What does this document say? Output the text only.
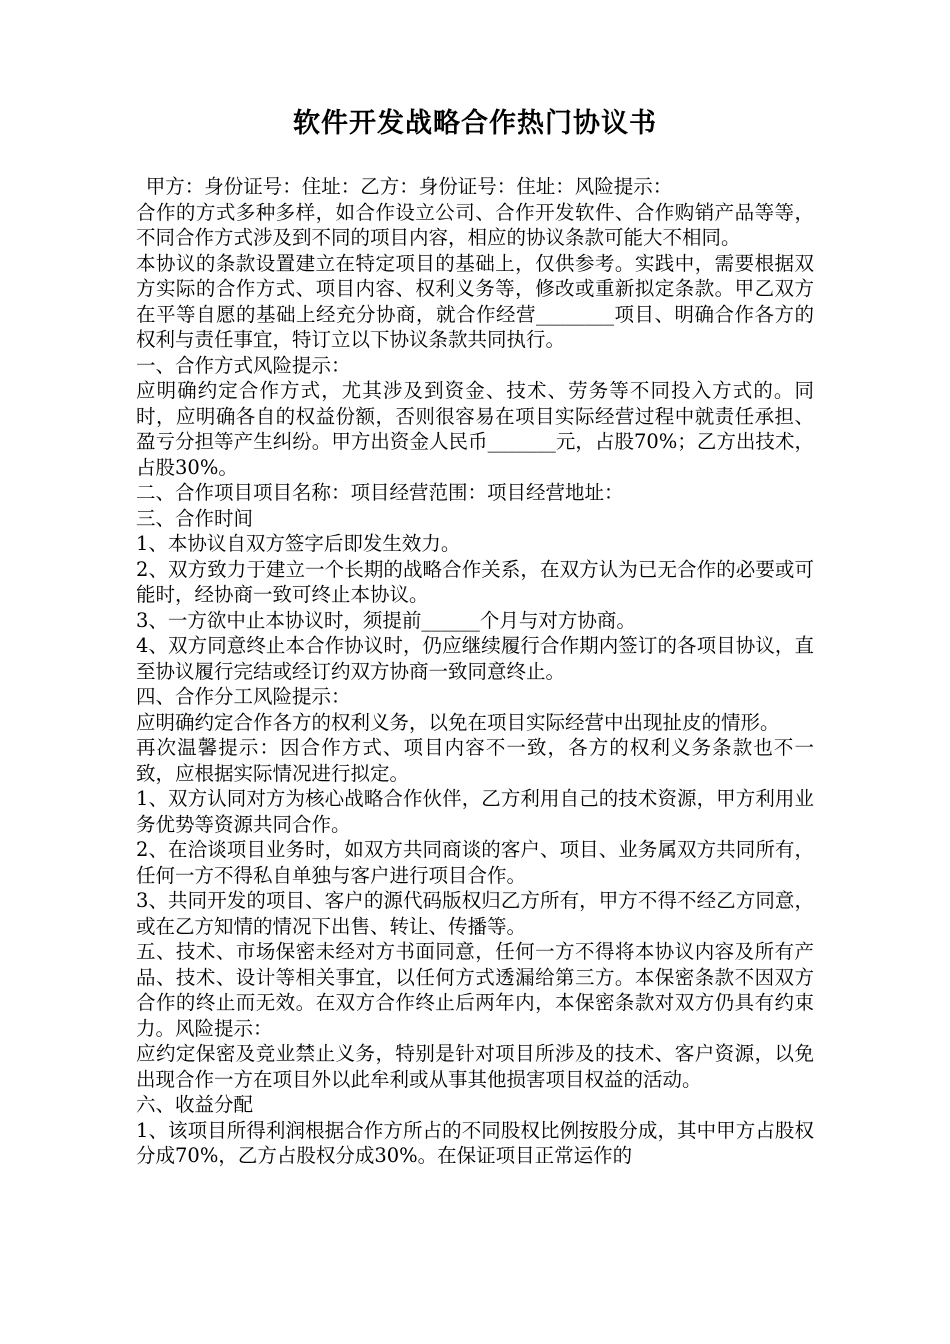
软件开发战略合作热门协议书

甲方：身份证号：住址：乙方：身份证号：住址：风险提示：

合作的方式多种多样，如合作设立公司、合作开发软件、合作购销产品等等，不同合作方式涉及到不同的项目内容，相应的协议条款可能大不相同。

本协议的条款设置建立在特定项目的基础上，仅供参考。实践中，需要根据双方实际的合作方式、项目内容、权利义务等，修改或重新拟定条款。甲乙双方在平等自愿的基础上经充分协商，就合作经营________项目、明确合作各方的权利与责任事宜，特订立以下协议条款共同执行。

一、合作方式风险提示：

应明确约定合作方式，尤其涉及到资金、技术、劳务等不同投入方式的。同时，应明确各自的权益份额，否则很容易在项目实际经营过程中就责任承担、盈亏分担等产生纠纷。甲方出资金人民币_______元，占股70%；乙方出技术，占股30%。

二、合作项目项目名称：项目经营范围：项目经营地址：

三、合作时间

1、本协议自双方签字后即发生效力。

2、双方致力于建立一个长期的战略合作关系，在双方认为已无合作的必要或可能时，经协商一致可终止本协议。

3、一方欲中止本协议时，须提前______个月与对方协商。

4、双方同意终止本合作协议时，仍应继续履行合作期内签订的各项目协议，直至协议履行完结或经订约双方协商一致同意终止。

四、合作分工风险提示：

应明确约定合作各方的权利义务，以免在项目实际经营中出现扯皮的情形。

再次温馨提示：因合作方式、项目内容不一致，各方的权利义务条款也不一致，应根据实际情况进行拟定。

1、双方认同对方为核心战略合作伙伴，乙方利用自己的技术资源，甲方利用业务优势等资源共同合作。

2、在洽谈项目业务时，如双方共同商谈的客户、项目、业务属双方共同所有，任何一方不得私自单独与客户进行项目合作。

3、共同开发的项目、客户的源代码版权归乙方所有，甲方不得不经乙方同意，或在乙方知情的情况下出售、转让、传播等。

五、技术、市场保密未经对方书面同意，任何一方不得将本协议内容及所有产品、技术、设计等相关事宜，以任何方式透漏给第三方。本保密条款不因双方合作的终止而无效。在双方合作终止后两年内，本保密条款对双方仍具有约束力。风险提示：

应约定保密及竞业禁止义务，特别是针对项目所涉及的技术、客户资源，以免出现合作一方在项目外以此牟利或从事其他损害项目权益的活动。

六、收益分配

1、该项目所得利润根据合作方所占的不同股权比例按股分成，其中甲方占股权分成70%，乙方占股权分成30%。在保证项目正常运作的
